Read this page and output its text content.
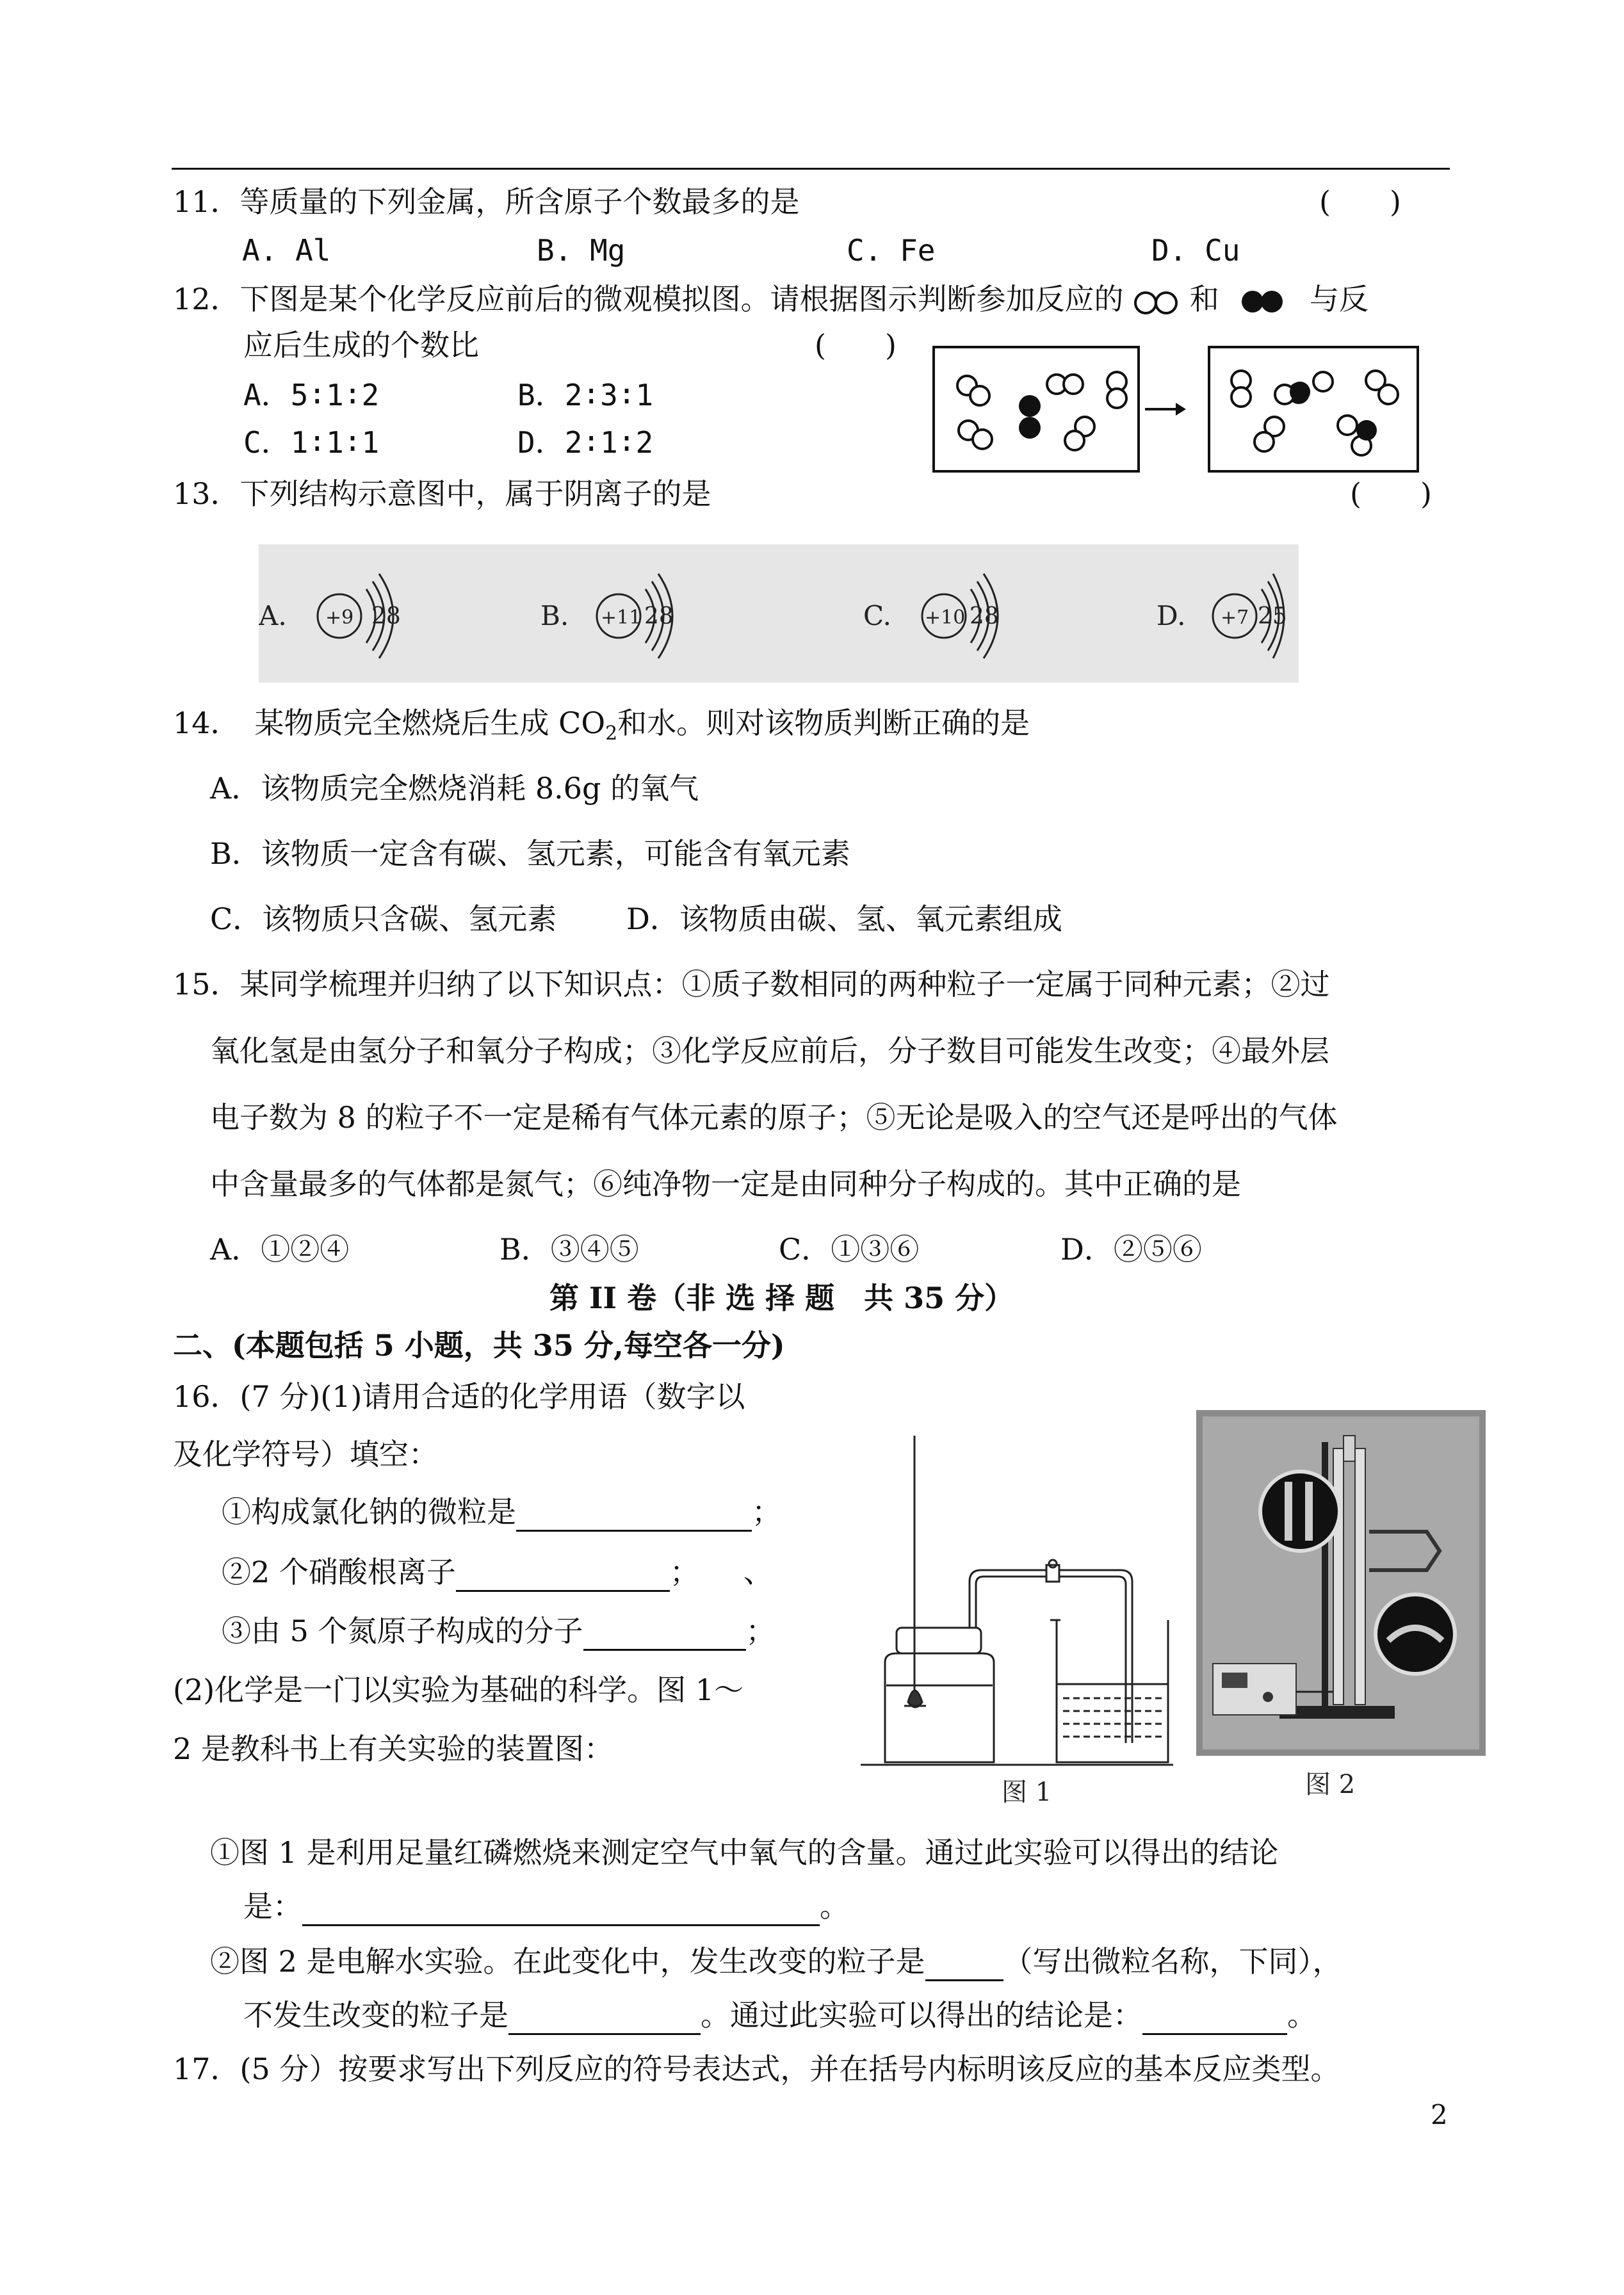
11．等质量的下列金属，所含原子个数最多的是	(　　)
A. Al	B. Mg	C. Fe	D. Cu
12．下图是某个化学反应前后的微观模拟图。请根据图示判断参加反应的 和	与反
应后生成的个数比	(　　)
A．5∶1∶2	B．2∶3∶1
C．1∶1∶1	D．2∶1∶2
13．下列结构示意图中，属于阴离子的是	(　　)
A. +9 28	B. +11 28	C. +10 28	D. +7 25
14．　某物质完全燃烧后生成 $CO_2$和水。则对该物质判断正确的是
A．该物质完全燃烧消耗 8.6g 的氧气
B．该物质一定含有碳、氢元素，可能含有氧元素
C．该物质只含碳、氢元素 D．该物质由碳、氢、氧元素组成
15．某同学梳理并归纳了以下知识点：①质子数相同的两种粒子一定属于同种元素；②过
氧化氢是由氢分子和氧分子构成；③化学反应前后，分子数目可能发生改变；④最外层
电子数为 8 的粒子不一定是稀有气体元素的原子；⑤无论是吸入的空气还是呼出的气体
中含量最多的气体都是氮气；⑥纯净物一定是由同种分子构成的。其中正确的是
A．①②④	B．③④⑤	C．①③⑥	D．②⑤⑥
第 II 卷（非 选 择 题　共 35 分）
二、(本题包括 5 小题，共 35 分,每空各一分)
16．(7 分)(1)请用合适的化学用语（数字以
及化学符号）填空：
①构成氯化钠的微粒是	；
②2 个硝酸根离子	；　　、
③由 5 个氮原子构成的分子	；
(2)化学是一门以实验为基础的科学。图 1～
2 是教科书上有关实验的装置图：
图 1	图 2
①图 1 是利用足量红磷燃烧来测定空气中氧气的含量。通过此实验可以得出的结论
是：	。
②图 2 是电解水实验。在此变化中，发生改变的粒子是	（写出微粒名称，下同），
不发生改变的粒子是	。通过此实验可以得出的结论是：	。
17．(5 分）按要求写出下列反应的符号表达式，并在括号内标明该反应的基本反应类型。
2
